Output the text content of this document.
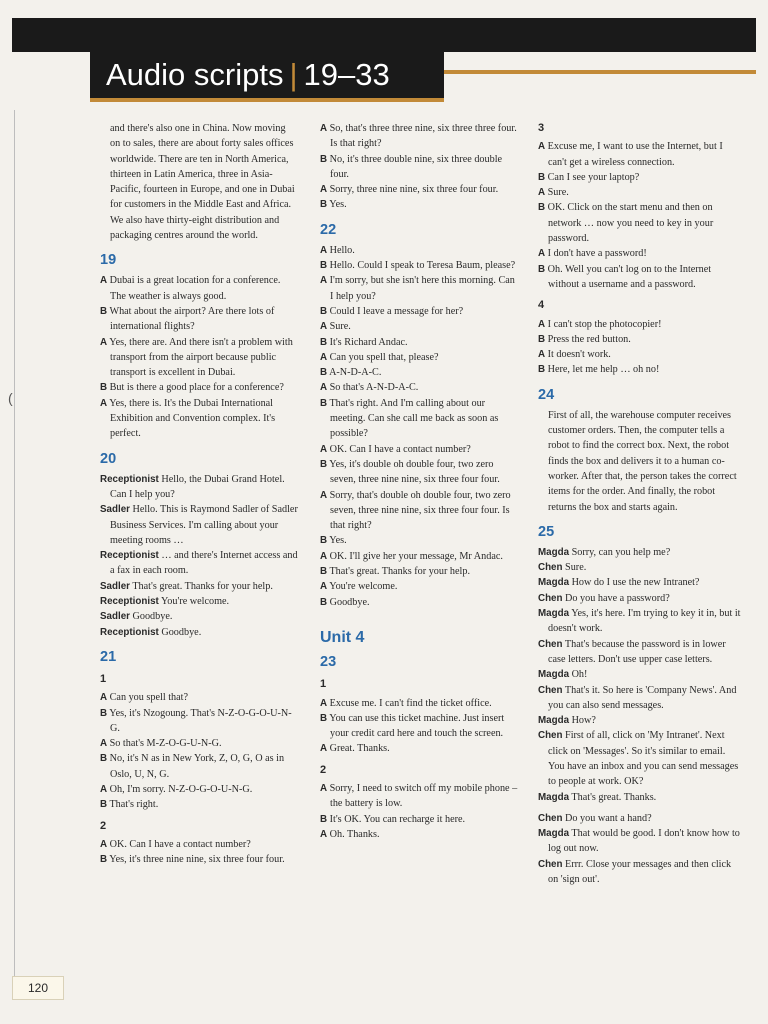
Audio scripts | 19–33
(
and there's also one in China. Now moving on to sales, there are about forty sales offices worldwide. There are ten in North America, thirteen in Latin America, three in Asia-Pacific, fourteen in Europe, and one in Dubai for customers in the Middle East and Africa. We also have thirty-eight distribution and packaging centres around the world.
19
A Dubai is a great location for a conference. The weather is always good.
B What about the airport? Are there lots of international flights?
A Yes, there are. And there isn't a problem with transport from the airport because public transport is excellent in Dubai.
B But is there a good place for a conference?
A Yes, there is. It's the Dubai International Exhibition and Convention complex. It's perfect.
20
Receptionist Hello, the Dubai Grand Hotel. Can I help you?
Sadler Hello. This is Raymond Sadler of Sadler Business Services. I'm calling about your meeting rooms …
Receptionist … and there's Internet access and a fax in each room.
Sadler That's great. Thanks for your help.
Receptionist You're welcome.
Sadler Goodbye.
Receptionist Goodbye.
21
1
A Can you spell that?
B Yes, it's Nzogoung. That's N-Z-O-G-O-U-N-G.
A So that's M-Z-O-G-U-N-G.
B No, it's N as in New York, Z, O, G, O as in Oslo, U, N, G.
A Oh, I'm sorry. N-Z-O-G-O-U-N-G.
B That's right.
2
A OK. Can I have a contact number?
B Yes, it's three nine nine, six three four four.
A So, that's three three nine, six three three four. Is that right?
B No, it's three double nine, six three double four.
A Sorry, three nine nine, six three four four.
B Yes.
22
A Hello.
B Hello. Could I speak to Teresa Baum, please?
A I'm sorry, but she isn't here this morning. Can I help you?
B Could I leave a message for her?
A Sure.
B It's Richard Andac.
A Can you spell that, please?
B A-N-D-A-C.
A So that's A-N-D-A-C.
B That's right. And I'm calling about our meeting. Can she call me back as soon as possible?
A OK. Can I have a contact number?
B Yes, it's double oh double four, two zero seven, three nine nine, six three four four.
A Sorry, that's double oh double four, two zero seven, three nine nine, six three four four. Is that right?
B Yes.
A OK. I'll give her your message, Mr Andac.
B That's great. Thanks for your help.
A You're welcome.
B Goodbye.
Unit 4
23
1
A Excuse me. I can't find the ticket office.
B You can use this ticket machine. Just insert your credit card here and touch the screen.
A Great. Thanks.
2
A Sorry, I need to switch off my mobile phone – the battery is low.
B It's OK. You can recharge it here.
A Oh. Thanks.
3
A Excuse me, I want to use the Internet, but I can't get a wireless connection.
B Can I see your laptop?
A Sure.
B OK. Click on the start menu and then on network … now you need to key in your password.
A I don't have a password!
B Oh. Well you can't log on to the Internet without a username and a password.
4
A I can't stop the photocopier!
B Press the red button.
A It doesn't work.
B Here, let me help … oh no!
24
First of all, the warehouse computer receives customer orders. Then, the computer tells a robot to find the correct box. Next, the robot finds the box and delivers it to a human co-worker. After that, the person takes the correct items for the order. And finally, the robot returns the box and starts again.
25
Magda Sorry, can you help me?
Chen Sure.
Magda How do I use the new Intranet?
Chen Do you have a password?
Magda Yes, it's here. I'm trying to key it in, but it doesn't work.
Chen That's because the password is in lower case letters. Don't use upper case letters.
Magda Oh!
Chen That's it. So here is 'Company News'. And you can also send messages.
Magda How?
Chen First of all, click on 'My Intranet'. Next click on 'Messages'. So it's similar to email. You have an inbox and you can send messages to people at work. OK?
Magda That's great. Thanks.
Chen Do you want a hand?
Magda That would be good. I don't know how to log out now.
Chen Errr. Close your messages and then click on 'sign out'.
120
